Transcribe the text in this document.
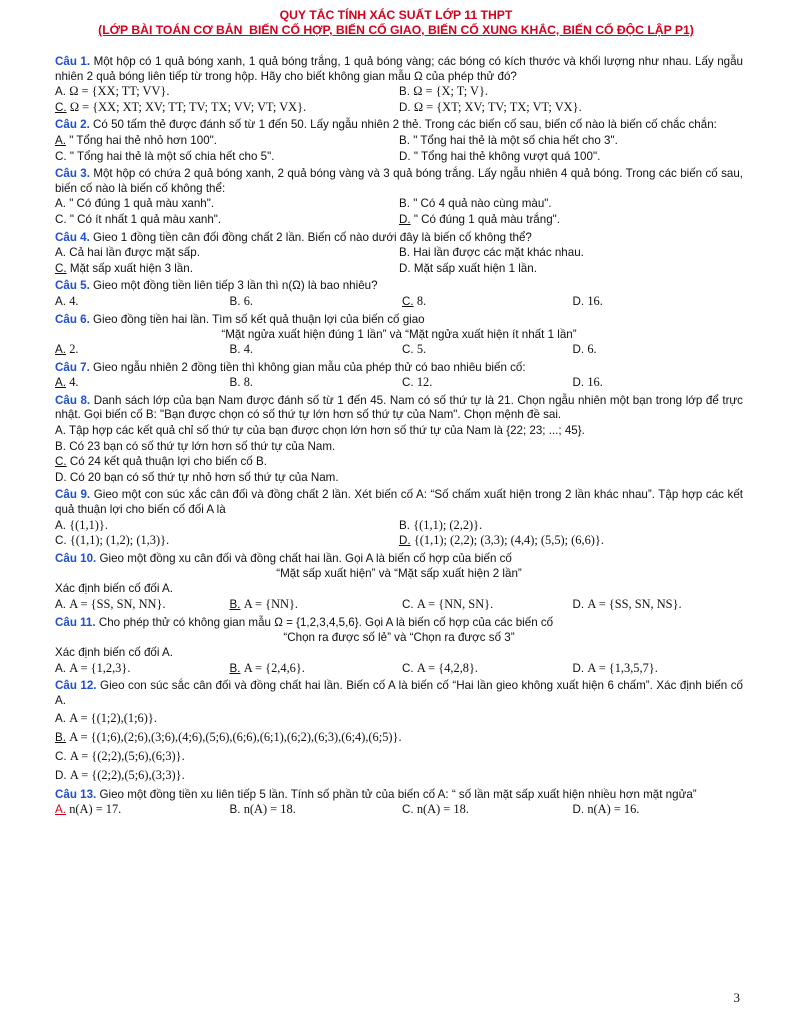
QUY TẮC TÍNH XÁC SUẤT LỚP 11 THPT
(LỚP BÀI TOÁN CƠ BẢN_BIẾN CỐ HỢP, BIẾN CỐ GIAO, BIẾN CỐ XUNG KHẮC, BIẾN CỐ ĐỘC LẬP P1)
Câu 1. Một hộp có 1 quả bóng xanh, 1 quả bóng trắng, 1 quả bóng vàng; các bóng có kích thước và khối lượng như nhau. Lấy ngẫu nhiên 2 quả bóng liên tiếp từ trong hộp. Hãy cho biết không gian mẫu Ω của phép thử đó?
A. Ω = {XX; TT; VV}.	B. Ω = {X; T; V}.
C. Ω = {XX; XT; XV; TT; TV; TX; VV; VT; VX}.	D. Ω = {XT; XV; TV; TX; VT; VX}.
Câu 2. Có 50 tấm thẻ được đánh số từ 1 đến 50. Lấy ngẫu nhiên 2 thẻ. Trong các biến cố sau, biến cố nào là biến cố chắc chắn:
A. " Tổng hai thẻ nhỏ hơn 100".	B. " Tổng hai thẻ là một số chia hết cho 3".
C. " Tổng hai thẻ là một số chia hết cho 5".	D. " Tổng hai thẻ không vượt quá 100".
Câu 3. Một hộp có chứa 2 quả bóng xanh, 2 quả bóng vàng và 3 quả bóng trắng. Lấy ngẫu nhiên 4 quả bóng. Trong các biến cố sau, biến cố nào là biến cố không thể:
A. " Có đúng 1 quả màu xanh".	B. " Có 4 quả nào cùng màu".
C. " Có ít nhất 1 quả màu xanh".	D. " Có đúng 1 quả màu trắng".
Câu 4. Gieo 1 đồng tiền cân đối đồng chất 2 lần. Biến cố nào dưới đây là biến cố không thể?
A. Cả hai lần được mặt sấp.	B. Hai lần được các mặt khác nhau.
C. Mặt sấp xuất hiện 3 lần.	D. Mặt sấp xuất hiện 1 lần.
Câu 5. Gieo một đồng tiền liên tiếp 3 lần thì n(Ω) là bao nhiêu?
A. 4.	B. 6.	C. 8.	D. 16.
Câu 6. Gieo đồng tiền hai lần. Tìm số kết quả thuận lợi của biến cố giao
“Mặt ngửa xuất hiện đúng 1 lần” và “Mặt ngửa xuất hiện ít nhất 1 lần”
A. 2.	B. 4.	C. 5.	D. 6.
Câu 7. Gieo ngẫu nhiên 2 đồng tiền thì không gian mẫu của phép thử có bao nhiêu biến cố:
A. 4.	B. 8.	C. 12.	D. 16.
Câu 8. Danh sách lớp của bạn Nam được đánh số từ 1 đến 45. Nam có số thứ tự là 21. Chọn ngẫu nhiên một bạn trong lớp để trực nhật. Gọi biến cố B: "Bạn được chọn có số thứ tự lớn hơn số thứ tự của Nam". Chọn mệnh đề sai.
A. Tập hợp các kết quả chỉ số thứ tự của bạn được chọn lớn hơn số thứ tự của Nam là {22; 23; ...; 45}.
B. Có 23 bạn có số thứ tự lớn hơn số thứ tự của Nam.
C. Có 24 kết quả thuận lợi cho biến cố B.
D. Có 20 bạn có số thứ tự nhỏ hơn số thứ tự của Nam.
Câu 9. Gieo một con súc xắc cân đối và đồng chất 2 lần. Xét biến cố A: “Số chấm xuất hiện trong 2 lần khác nhau”. Tập hợp các kết quả thuận lợi cho biến cố đối A là
A. {(1,1)}.	B. {(1,1); (2,2)}.
C. {(1,1); (1,2); (1,3)}.	D. {(1,1); (2,2); (3,3); (4,4); (5,5); (6,6)}.
Câu 10. Gieo một đồng xu cân đối và đồng chất hai lần. Gọi A là biến cố hợp của biến cố
“Mặt sấp xuất hiện” và “Mặt sấp xuất hiện 2 lần”
Xác định biến cố đối A.
A. A = {SS, SN, NN}.	B. A = {NN}.	C. A = {NN, SN}.	D. A = {SS, SN, NS}.
Câu 11. Cho phép thử có không gian mẫu Ω = {1,2,3,4,5,6}. Gọi A là biến cố hợp của các biến cố
“Chọn ra được số lẻ” và “Chọn ra được số 3”
Xác định biến cố đối A.
A. A = {1,2,3}.	B. A = {2,4,6}.	C. A = {4,2,8}.	D. A = {1,3,5,7}.
Câu 12. Gieo con súc sắc cân đối và đồng chất hai lần. Biến cố A là biến cố “Hai lần gieo không xuất hiện 6 chấm”. Xác định biến cố A.
A. A = {(1;2),(1;6)}.
B. A = {(1;6),(2;6),(3;6),(4;6),(5;6),(6;6),(6;1),(6;2),(6;3),(6;4),(6;5)}.
C. A = {(2;2),(5;6),(6;3)}.
D. A = {(2;2),(5;6),(3;3)}.
Câu 13. Gieo một đồng tiền xu liên tiếp 5 lần. Tính số phần tử của biến cố A: “ số lần mặt sấp xuất hiện nhiều hơn mặt ngửa”
A. n(A) = 17.	B. n(A) = 18.	C. n(A) = 18.	D. n(A) = 16.
3
